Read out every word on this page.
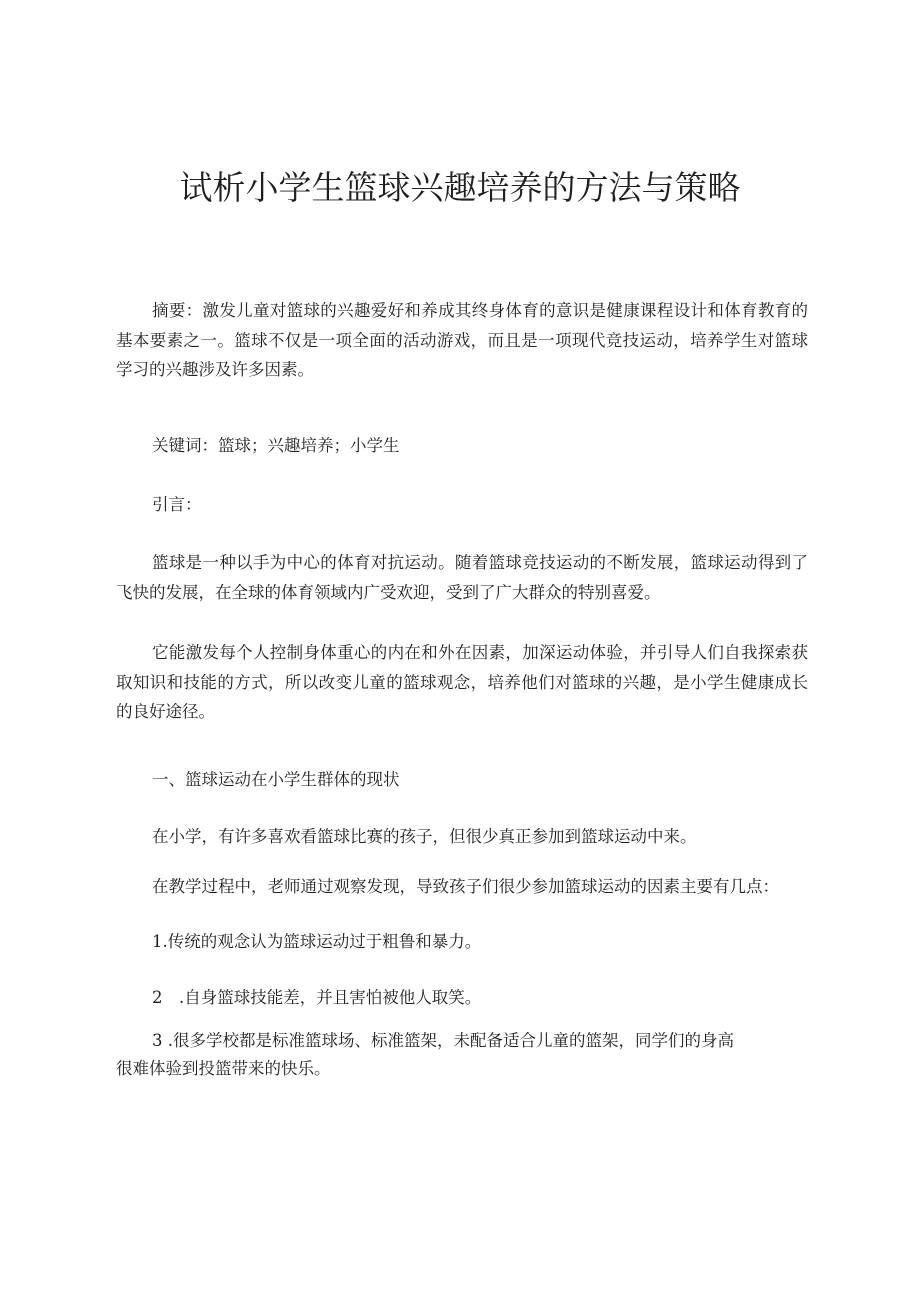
试析小学生篮球兴趣培养的方法与策略

摘要：激发儿童对篮球的兴趣爱好和养成其终身体育的意识是健康课程设计和体育教育的基本要素之一。篮球不仅是一项全面的活动游戏，而且是一项现代竞技运动，培养学生对篮球学习的兴趣涉及许多因素。

关键词：篮球；兴趣培养；小学生

引言：

篮球是一种以手为中心的体育对抗运动。随着篮球竞技运动的不断发展，篮球运动得到了飞快的发展，在全球的体育领域内广受欢迎，受到了广大群众的特别喜爱。

它能激发每个人控制身体重心的内在和外在因素，加深运动体验，并引导人们自我探索获取知识和技能的方式，所以改变儿童的篮球观念，培养他们对篮球的兴趣，是小学生健康成长的良好途径。

一、篮球运动在小学生群体的现状

在小学，有许多喜欢看篮球比赛的孩子，但很少真正参加到篮球运动中来。

在教学过程中，老师通过观察发现，导致孩子们很少参加篮球运动的因素主要有几点：

1.传统的观念认为篮球运动过于粗鲁和暴力。

2　.自身篮球技能差，并且害怕被他人取笑。

3 .很多学校都是标准篮球场、标准篮架，未配备适合儿童的篮架，同学们的身高

很难体验到投篮带来的快乐。
